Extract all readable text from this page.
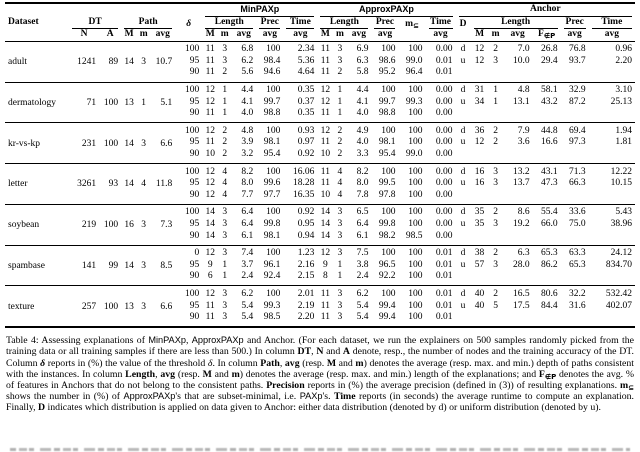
Dataset							MinPAXp					ApproxPAXp						Anchor						

	DT		Path			δ	Length			Prec	Time	Length			Prec	$m_⊆$	Time	D	Length				Prec	Time

	N	A	M	m	avg		M	m	avg	avg	avg	M	m	avg	avg		avg		M	m	avg	$F_{\notin P}$	avg	avg
adult	1241	89	14	3	10.7	100	11	3	6.8	100	2.34	11	3	6.9	100	100	0.00	d	12	2	7.0	26.8	76.8	0.96
						95	11	3	6.2	98.4	5.36	11	3	6.3	98.6	99.0	0.01	u	12	3	10.0	29.4	93.7	2.20
						90	11	2	5.6	94.6	4.64	11	2	5.8	95.2	96.4	0.01							
dermatology	71	100	13	1	5.1	100	12	1	4.4	100	0.35	12	1	4.4	100	100	0.00	d	31	1	4.8	58.1	32.9	3.10
						95	12	1	4.1	99.7	0.37	12	1	4.1	99.7	99.3	0.00	u	34	1	13.1	43.2	87.2	25.13
						90	11	1	4.0	98.8	0.35	11	1	4.0	98.8	100	0.00							
kr-vs-kp	231	100	14	3	6.6	100	12	2	4.8	100	0.93	12	2	4.9	100	100	0.00	d	36	2	7.9	44.8	69.4	1.94
						95	11	2	3.9	98.1	0.97	11	2	4.0	98.1	100	0.00	u	12	2	3.6	16.6	97.3	1.81
						90	10	2	3.2	95.4	0.92	10	2	3.3	95.4	99.0	0.00							
letter	3261	93	14	4	11.8	100	12	4	8.2	100	16.06	11	4	8.2	100	100	0.00	d	16	3	13.2	43.1	71.3	12.22
						95	12	4	8.0	99.6	18.28	11	4	8.0	99.5	100	0.00	u	16	3	13.7	47.3	66.3	10.15
						90	12	4	7.7	97.7	16.35	10	4	7.8	97.8	100	0.00							
soybean	219	100	16	3	7.3	100	14	3	6.4	100	0.92	14	3	6.5	100	100	0.00	d	35	2	8.6	55.4	33.6	5.43
						95	14	3	6.4	99.8	0.95	14	3	6.4	99.8	100	0.00	u	35	3	19.2	66.0	75.0	38.96
						90	14	3	6.1	98.1	0.94	14	3	6.1	98.2	98.5	0.00							
spambase	141	99	14	3	8.5	0	12	3	7.4	100	1.23	12	3	7.5	100	100	0.01	d	38	2	6.3	65.3	63.3	24.12
						95	9	1	3.7	96.1	2.16	9	1	3.8	96.5	100	0.01	u	57	3	28.0	86.2	65.3	834.70
						90	6	1	2.4	92.4	2.15	8	1	2.4	92.2	100	0.01							
texture	257	100	13	3	6.6	100	12	3	6.2	100	2.01	11	3	6.2	100	100	0.01	d	40	2	16.5	80.6	32.2	532.42
						95	11	3	5.4	99.3	2.19	11	3	5.4	99.4	100	0.01	u	40	5	17.5	84.4	31.6	402.07
						90	11	3	5.4	98.5	2.20	11	3	5.4	99.4	100	0.01							

Table 4: Assessing explanations of MinPAXp, ApproxPAXp and Anchor. (For each dataset, we run the explainers on 500 samples randomly picked from the training data or all training samples if there are less than 500.) In column DT, N and A denote, resp., the number of nodes and the training accuracy of the DT. Column δ reports in (%) the value of the threshold δ. In column Path, avg (resp. M and m) denotes the average (resp. max. and min.) depth of paths consistent with the instances. In column Length, avg (resp. M and m) denotes the average (resp. max. and min.) length of the explanations; and $F_{\notin P}$ denotes the avg. % of features in Anchors that do not belong to the consistent paths. Precision reports in (%) the average precision (defined in (3)) of resulting explanations. $m_⊆$ shows the number in (%) of ApproxPAXp's that are subset-minimal, i.e. PAXp's. Time reports (in seconds) the average runtime to compute an explanation. Finally, D indicates which distribution is applied on data given to Anchor: either data distribution (denoted by d) or uniform distribution (denoted by u).
